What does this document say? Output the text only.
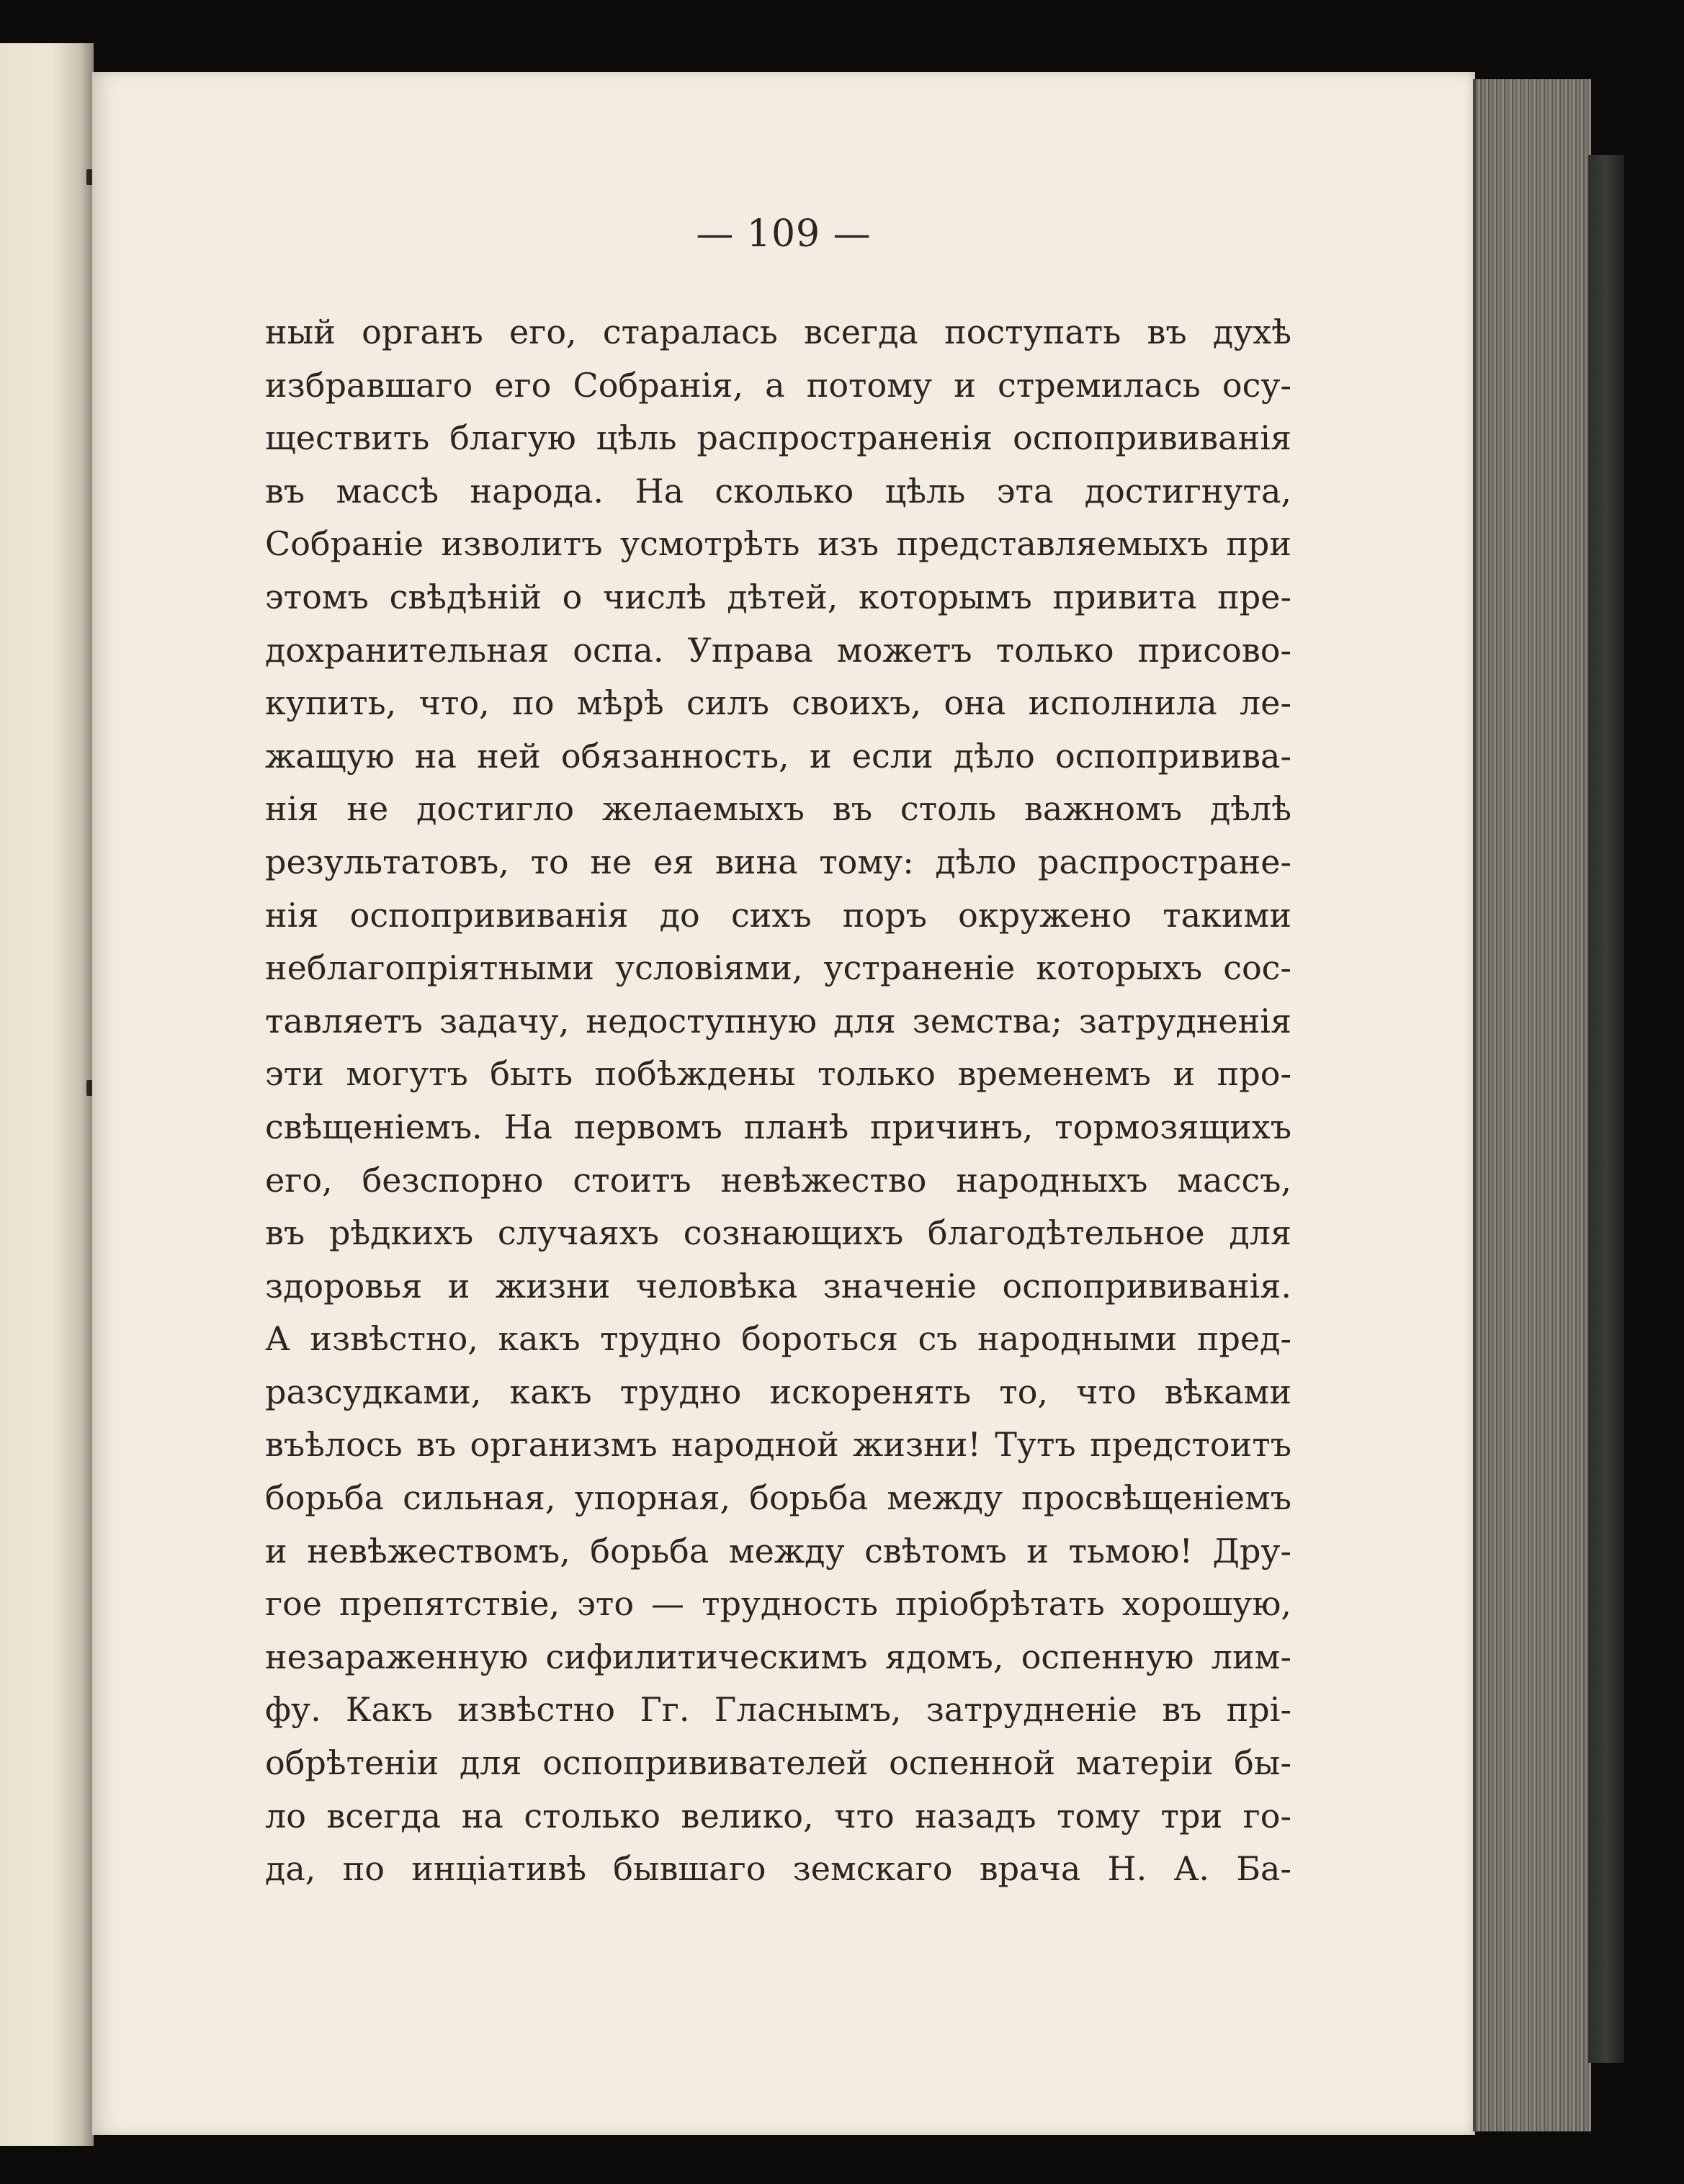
— 109 —
ный органъ его, старалась всегда поступать въ духѣ
избравшаго его Собранія, а потому и стремилась осу-
ществить благую цѣль распространенія оспопрививанія
въ массѣ народа. На сколько цѣль эта достигнута,
Собраніе изволитъ усмотрѣть изъ представляемыхъ при
этомъ свѣдѣній о числѣ дѣтей, которымъ привита пре-
дохранительная оспа. Управа можетъ только присово-
купить, что, по мѣрѣ силъ своихъ, она исполнила ле-
жащую на ней обязанность, и если дѣло оспопрививa-
нія не достигло желаемыхъ въ столь важномъ дѣлѣ
результатовъ, то не ея вина тому: дѣло распростране-
нія оспопрививанія до сихъ поръ окружено такими
неблагопріятными условіями, устраненіе которыхъ сос-
тавляетъ задачу, недоступную для земства; затрудненія
эти могутъ быть побѣждены только временемъ и про-
свѣщеніемъ. На первомъ планѣ причинъ, тормозящихъ
его, безспорно стоитъ невѣжество народныхъ массъ,
въ рѣдкихъ случаяхъ сознающихъ благодѣтельное для
здоровья и жизни человѣка значеніе оспопрививанія.
А извѣстно, какъ трудно бороться съ народными пред-
разсудками, какъ трудно искоренять то, что вѣками
въѣлось въ организмъ народной жизни! Тутъ предстоитъ
борьба сильная, упорная, борьба между просвѣщеніемъ
и невѣжествомъ, борьба между свѣтомъ и тьмою! Дру-
гое препятствіе, это — трудность пріобрѣтать хорошую,
незараженную сифилитическимъ ядомъ, оспенную лим-
фу. Какъ извѣстно Гг. Гласнымъ, затрудненіе въ прі-
обрѣтеніи для оспопрививателей оспенной матеріи бы-
ло всегда на столько велико, что назадъ тому три го-
да, по инціативѣ бывшаго земскаго врача Н. А. Ба-
